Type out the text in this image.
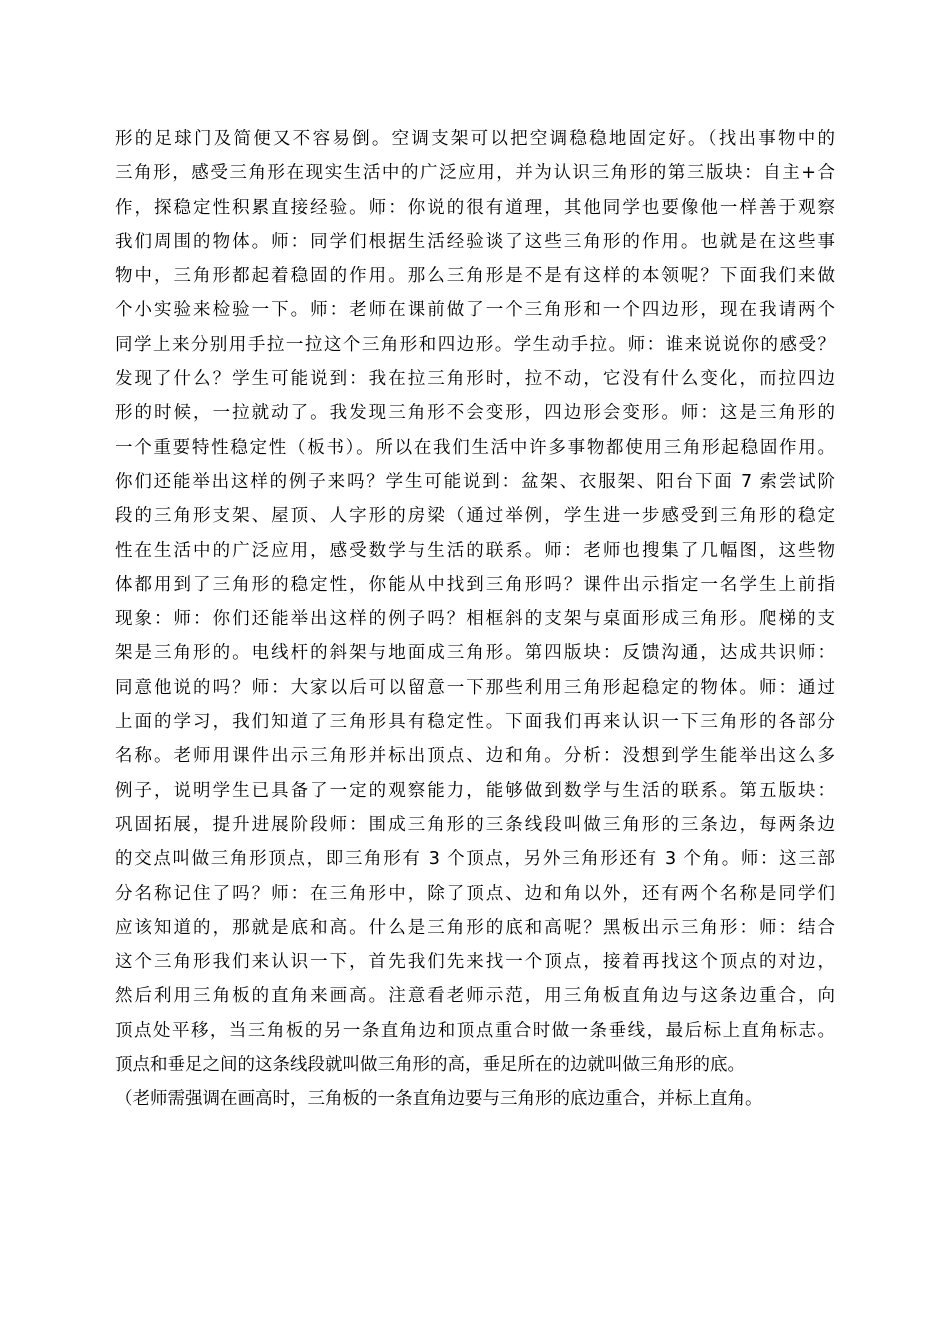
形的足球门及简便又不容易倒。空调支架可以把空调稳稳地固定好。（找出事物中的
三角形，感受三角形在现实生活中的广泛应用，并为认识三角形的第三版块：自主+合
作，探稳定性积累直接经验。师：你说的很有道理，其他同学也要像他一样善于观察
我们周围的物体。师：同学们根据生活经验谈了这些三角形的作用。也就是在这些事
物中，三角形都起着稳固的作用。那么三角形是不是有这样的本领呢？下面我们来做
个小实验来检验一下。师：老师在课前做了一个三角形和一个四边形，现在我请两个
同学上来分别用手拉一拉这个三角形和四边形。学生动手拉。师：谁来说说你的感受？
发现了什么？学生可能说到：我在拉三角形时，拉不动，它没有什么变化，而拉四边
形的时候，一拉就动了。我发现三角形不会变形，四边形会变形。师：这是三角形的
一个重要特性稳定性（板书）。所以在我们生活中许多事物都使用三角形起稳固作用。
你们还能举出这样的例子来吗？学生可能说到：盆架、衣服架、阳台下面 7 索尝试阶
段的三角形支架、屋顶、人字形的房梁（通过举例，学生进一步感受到三角形的稳定
性在生活中的广泛应用，感受数学与生活的联系。师：老师也搜集了几幅图，这些物
体都用到了三角形的稳定性，你能从中找到三角形吗？课件出示指定一名学生上前指
现象：师：你们还能举出这样的例子吗？相框斜的支架与桌面形成三角形。爬梯的支
架是三角形的。电线杆的斜架与地面成三角形。第四版块：反馈沟通，达成共识师：
同意他说的吗？师：大家以后可以留意一下那些利用三角形起稳定的物体。师：通过
上面的学习，我们知道了三角形具有稳定性。下面我们再来认识一下三角形的各部分
名称。老师用课件出示三角形并标出顶点、边和角。分析：没想到学生能举出这么多
例子，说明学生已具备了一定的观察能力，能够做到数学与生活的联系。第五版块：
巩固拓展，提升进展阶段师：围成三角形的三条线段叫做三角形的三条边，每两条边
的交点叫做三角形顶点，即三角形有 3 个顶点，另外三角形还有 3 个角。师：这三部
分名称记住了吗？师：在三角形中，除了顶点、边和角以外，还有两个名称是同学们
应该知道的，那就是底和高。什么是三角形的底和高呢？黑板出示三角形：师：结合
这个三角形我们来认识一下，首先我们先来找一个顶点，接着再找这个顶点的对边，
然后利用三角板的直角来画高。注意看老师示范，用三角板直角边与这条边重合，向
顶点处平移，当三角板的另一条直角边和顶点重合时做一条垂线，最后标上直角标志。
顶点和垂足之间的这条线段就叫做三角形的高，垂足所在的边就叫做三角形的底。
（老师需强调在画高时，三角板的一条直角边要与三角形的底边重合，并标上直角。
